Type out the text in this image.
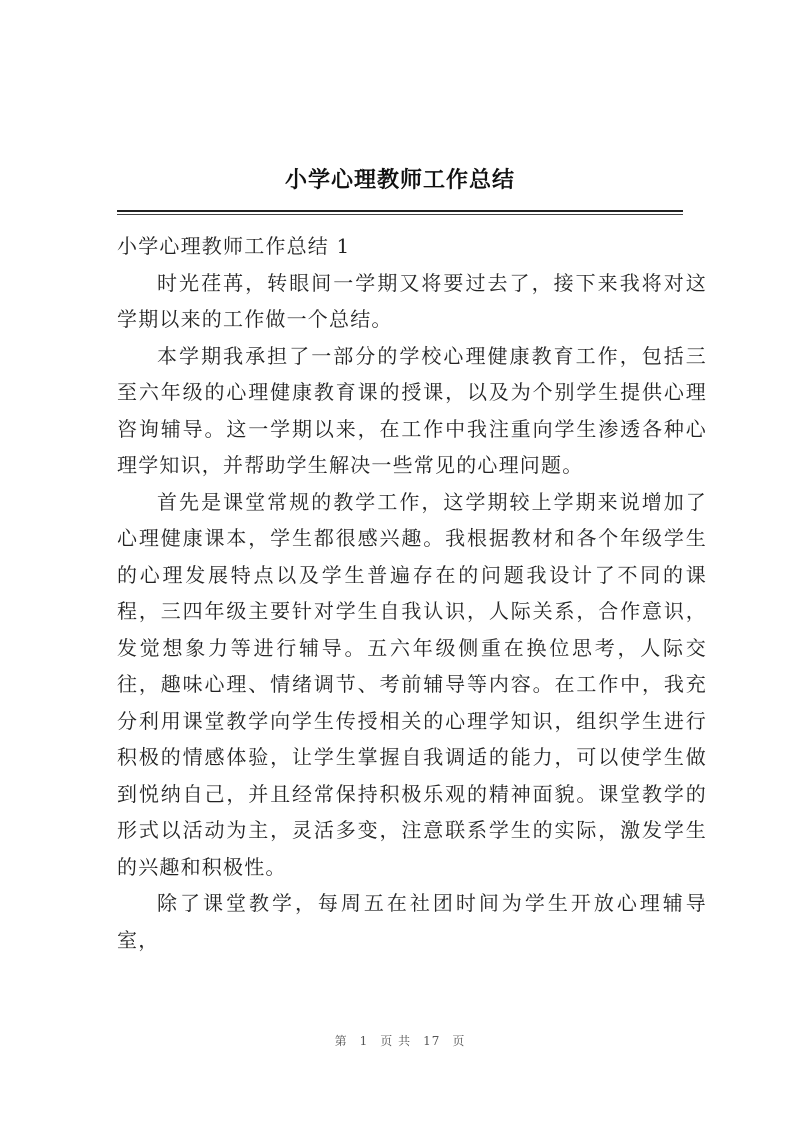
小学心理教师工作总结

小学心理教师工作总结 1

时光荏苒，转眼间一学期又将要过去了，接下来我将对这学期以来的工作做一个总结。

本学期我承担了一部分的学校心理健康教育工作，包括三至六年级的心理健康教育课的授课，以及为个别学生提供心理咨询辅导。这一学期以来，在工作中我注重向学生渗透各种心理学知识，并帮助学生解决一些常见的心理问题。

首先是课堂常规的教学工作，这学期较上学期来说增加了心理健康课本，学生都很感兴趣。我根据教材和各个年级学生的心理发展特点以及学生普遍存在的问题我设计了不同的课程，三四年级主要针对学生自我认识，人际关系，合作意识，发觉想象力等进行辅导。五六年级侧重在换位思考，人际交往，趣味心理、情绪调节、考前辅导等内容。在工作中，我充分利用课堂教学向学生传授相关的心理学知识，组织学生进行积极的情感体验，让学生掌握自我调适的能力，可以使学生做到悦纳自己，并且经常保持积极乐观的精神面貌。课堂教学的形式以活动为主，灵活多变，注意联系学生的实际，激发学生的兴趣和积极性。

除了课堂教学，每周五在社团时间为学生开放心理辅导室，

第 1 页 共 17 页
